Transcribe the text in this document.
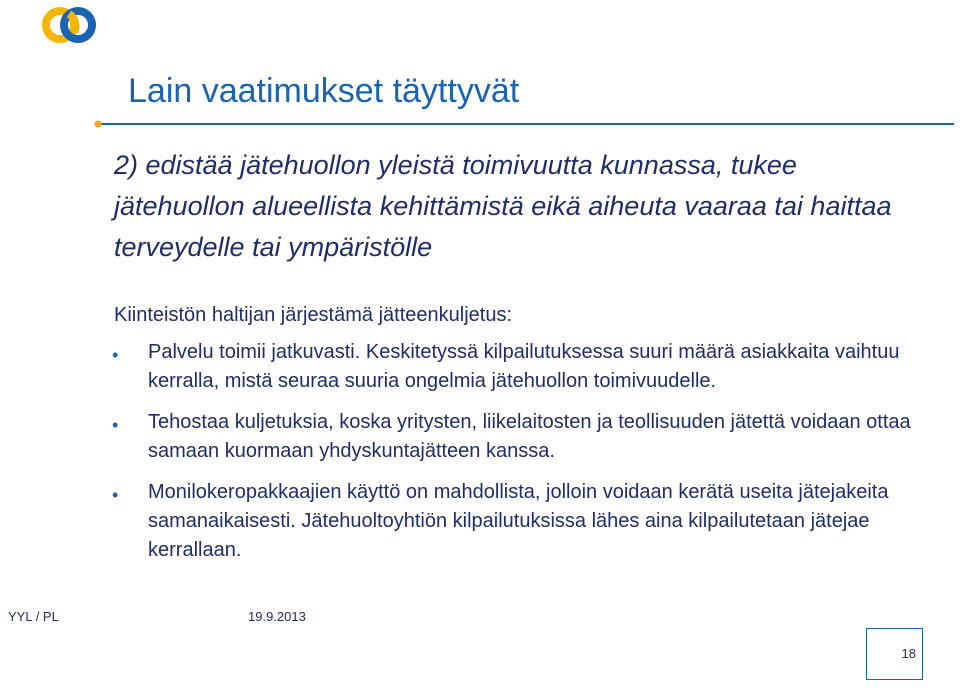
Lain vaatimukset täyttyvät
2) edistää jätehuollon yleistä toimivuutta kunnassa, tukee jätehuollon alueellista kehittämistä eikä aiheuta vaaraa tai haittaa terveydelle tai ympäristölle
Kiinteistön haltijan järjestämä jätteenkuljetus:
• Palvelu toimii jatkuvasti. Keskitetyssä kilpailutuksessa suuri määrä asiakkaita vaihtuu kerralla, mistä seuraa suuria ongelmia jätehuollon toimivuudelle.
• Tehostaa kuljetuksia, koska yritysten, liikelaitosten ja teollisuuden jätettä voidaan ottaa samaan kuormaan yhdyskuntajätteen kanssa.
• Monilokeropakkaajien käyttö on mahdollista, jolloin voidaan kerätä useita jätejakeita samanaikaisesti. Jätehuoltoyhtiön kilpailutuksissa lähes aina kilpailutetaan jätejae kerrallaan.
YYL / PL	19.9.2013
18
